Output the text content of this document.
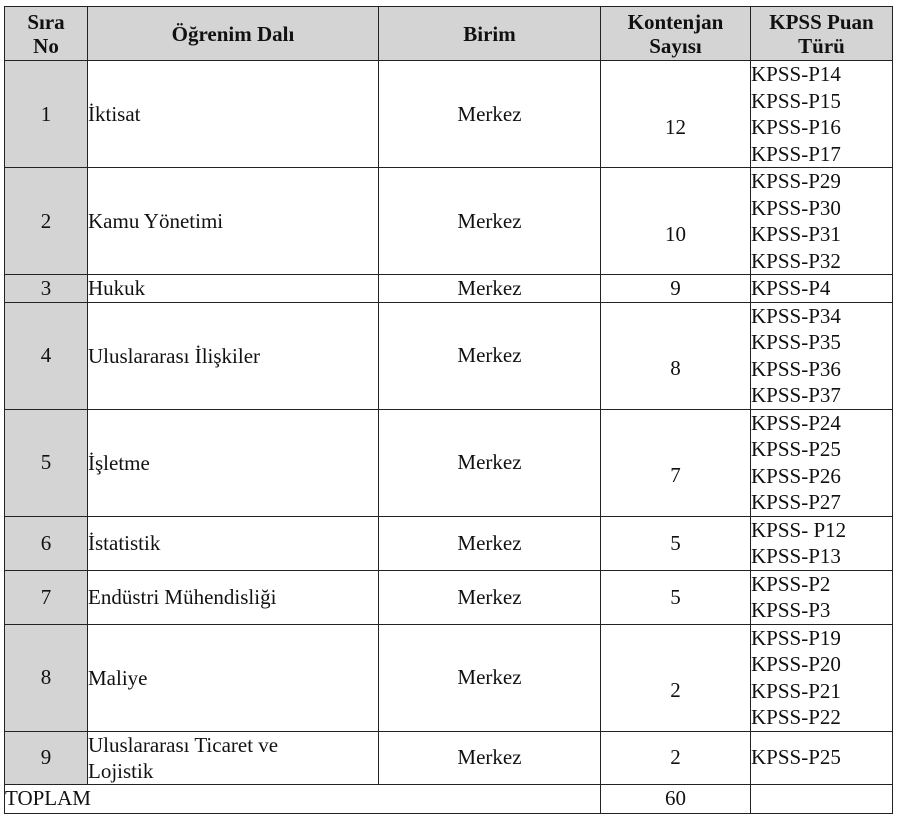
Sıra No	Öğrenim Dalı	Birim	Kontenjan Sayısı	KPSS Puan Türü
1	İktisat	Merkez	12	KPSS-P14
KPSS-P15
KPSS-P16
KPSS-P17

2	Kamu Yönetimi	Merkez	10	KPSS-P29
KPSS-P30
KPSS-P31
KPSS-P32

3	Hukuk	Merkez	9	KPSS-P4

4	Uluslararası İlişkiler	Merkez	8	KPSS-P34
KPSS-P35
KPSS-P36
KPSS-P37

5	İşletme	Merkez	7	KPSS-P24
KPSS-P25
KPSS-P26
KPSS-P27

6	İstatistik	Merkez	5	KPSS- P12
KPSS-P13

7	Endüstri Mühendisliği	Merkez	5	KPSS-P2
KPSS-P3

8	Maliye	Merkez	2	KPSS-P19
KPSS-P20
KPSS-P21
KPSS-P22

9	Uluslararası Ticaret ve Lojistik	Merkez	2	KPSS-P25

TOPLAM			60	
